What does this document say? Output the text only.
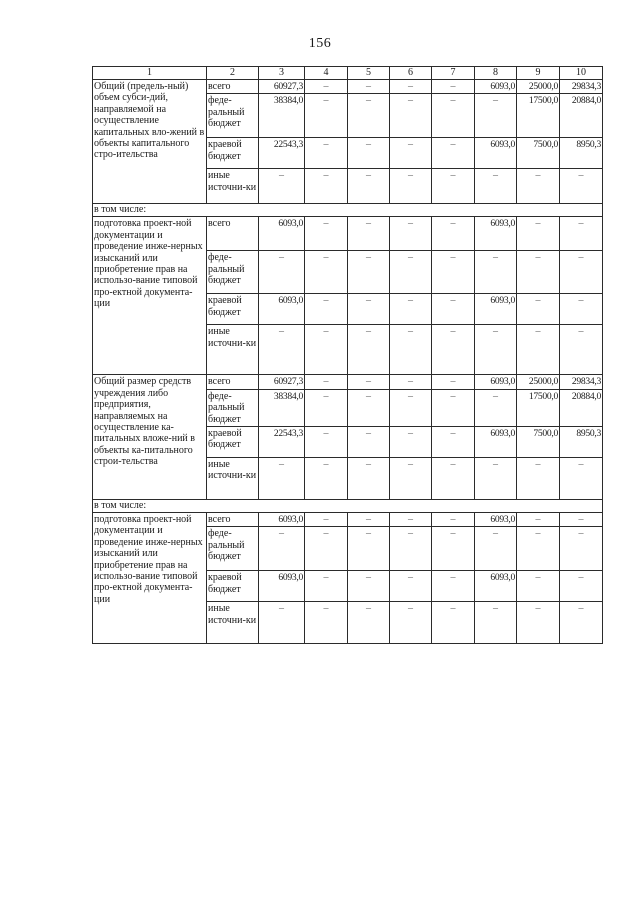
156
1	2	3	4	5	6	7	8	9	10
Общий (предель-ный) объем субси-дий, направляемой на осуществление капитальных вло-жений в объекты капитального стро-ительства	всего	60927,3	–	–	–	–	6093,0	25000,0	29834,3
	феде-ральный бюджет	38384,0	–	–	–	–	–	17500,0	20884,0
	краевой бюджет	22543,3	–	–	–	–	6093,0	7500,0	8950,3
	иные источни-ки	–	–	–	–	–	–	–	–
в том числе:									
подготовка проект-ной документации и проведение инже-нерных изысканий или приобретение прав на использо-вание типовой про-ектной документа-ции	всего	6093,0	–	–	–	–	6093,0	–	–
	феде-ральный бюджет	–	–	–	–	–	–	–	–
	краевой бюджет	6093,0	–	–	–	–	6093,0	–	–
	иные источни-ки	–	–	–	–	–	–	–	–
Общий размер средств учреждения либо предприятия, направляемых на осуществление ка-питальных вложе-ний в объекты ка-питального строи-тельства	всего	60927,3	–	–	–	–	6093,0	25000,0	29834,3
	феде-ральный бюджет	38384,0	–	–	–	–	–	17500,0	20884,0
	краевой бюджет	22543,3	–	–	–	–	6093,0	7500,0	8950,3
	иные источни-ки	–	–	–	–	–	–	–	–
в том числе:									
подготовка проект-ной документации и проведение инже-нерных изысканий или приобретение прав на использо-вание типовой про-ектной документа-ции	всего	6093,0	–	–	–	–	6093,0	–	–
	феде-ральный бюджет	–	–	–	–	–	–	–	–
	краевой бюджет	6093,0	–	–	–	–	6093,0	–	–
	иные источни-ки	–	–	–	–	–	–	–	–
